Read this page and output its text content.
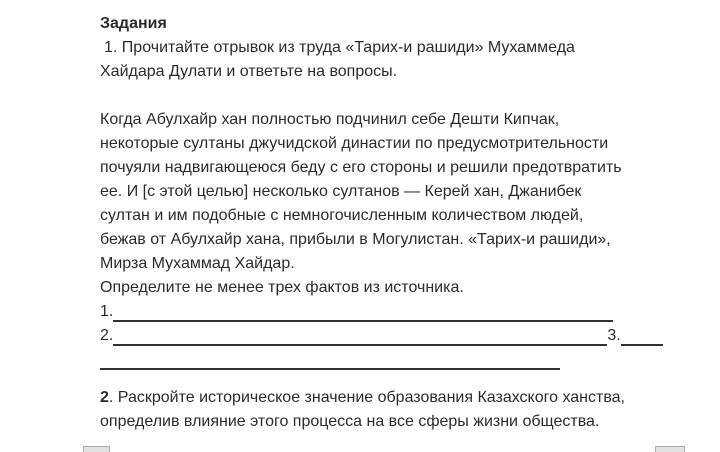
Задания
1. Прочитайте отрывок из труда «Тарих-и рашиди» Мухаммеда
Хайдара Дулати и ответьте на вопросы.
Когда Абулхайр хан полностью подчинил себе Дешти Кипчак,
некоторые султаны джучидской династии по предусмотрительности
почуяли надвигающеюся беду с его стороны и решили предотвратить
ее. И [с этой целью] несколько султанов — Керей хан, Джанибек
султан и им подобные с немногочисленным количеством людей,
бежав от Абулхайр хана, прибыли в Могулистан. «Тарих-и рашиди»,
Мирза Мухаммад Хайдар.
Определите не менее трех фактов из источника.
1.
2.	3.
2. Раскройте историческое значение образования Казахского ханства,
определив влияние этого процесса на все сферы жизни общества.
